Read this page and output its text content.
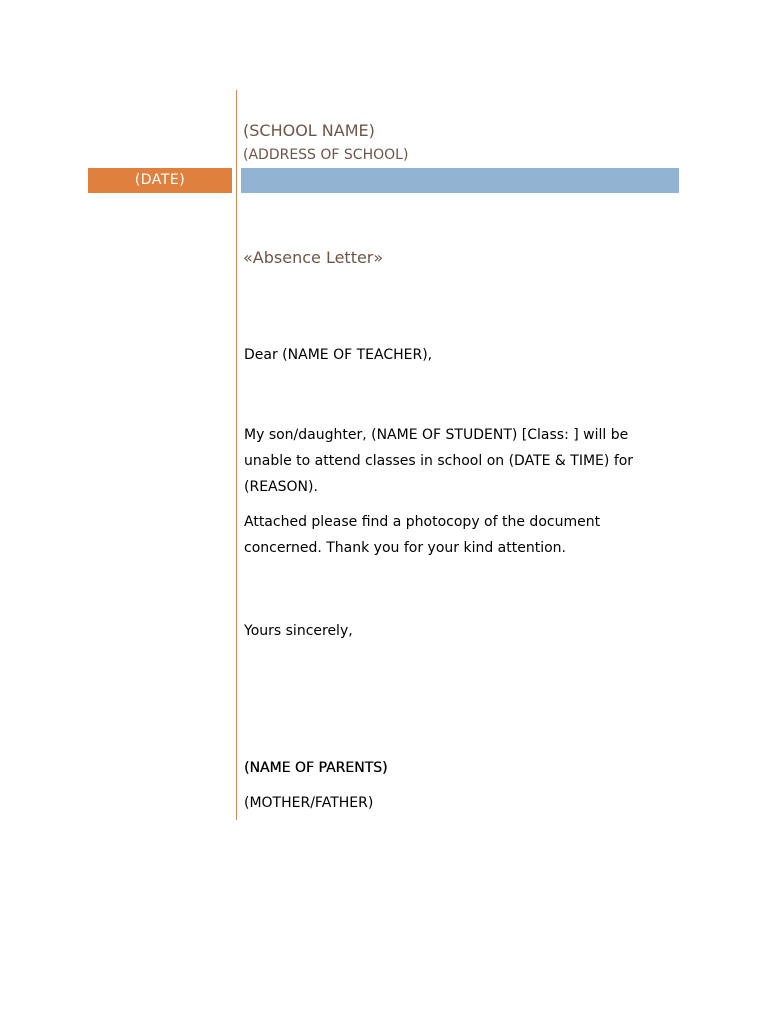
(SCHOOL NAME)
(ADDRESS OF SCHOOL)
(DATE)
«Absence Letter»
Dear (NAME OF TEACHER),
My son/daughter, (NAME OF STUDENT) [Class: ] will be unable to attend classes in school on (DATE & TIME) for (REASON).
Attached please find a photocopy of the document concerned. Thank you for your kind attention.
Yours sincerely,
(NAME OF PARENTS)
(MOTHER/FATHER)
